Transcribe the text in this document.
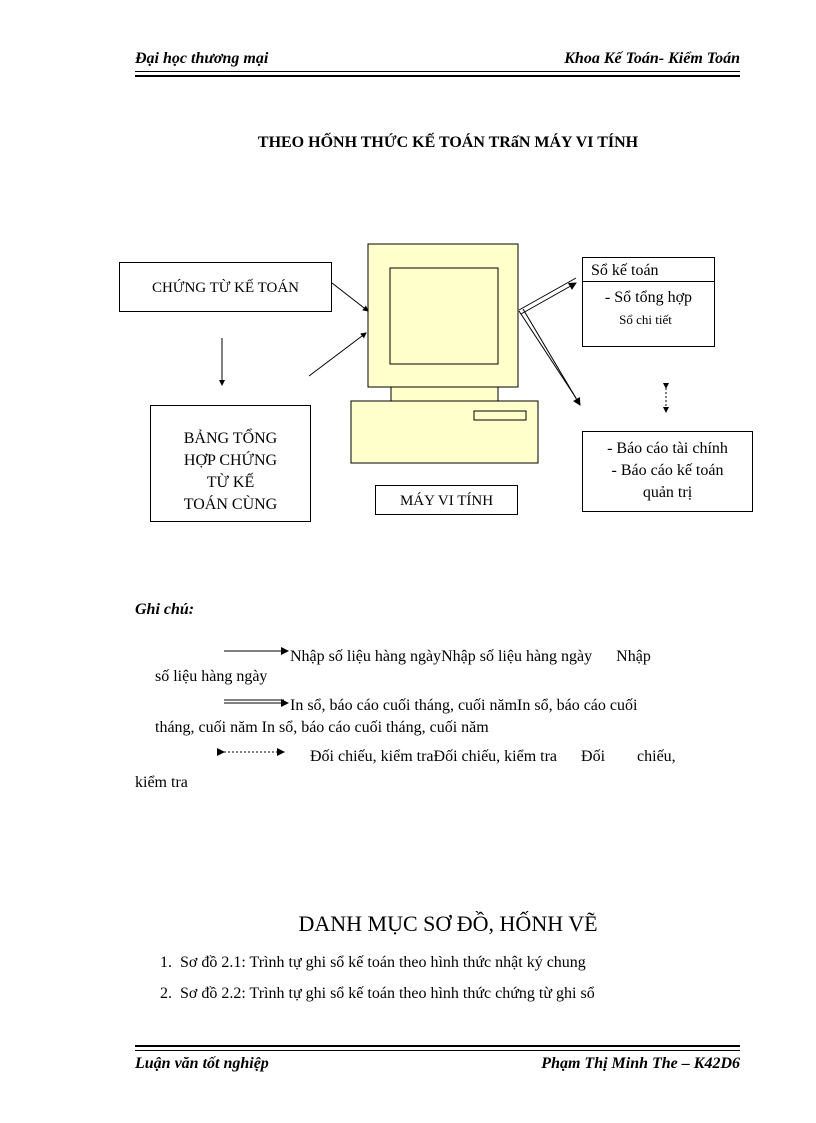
Đại học thương mại	Khoa Kế Toán- Kiểm Toán
THEO HỐNH THỨC KẾ TOÁN TRấN MÁY VI TÍNH
CHỨNG TỪ KẾ TOÁN
BẢNG TỔNG
HỢP CHỨNG
TỪ KẾ
TOÁN CÙNG	MÁY VI TÍNH
Sổ kế toán
- Sổ tổng hợp
Sổ chi tiết
- Báo cáo tài chính
- Báo cáo kế toán
quản trị
Ghi chú:
Nhập số liệu hàng ngàyNhập số liệu hàng ngày      Nhập
số liệu hàng ngày
In sổ, báo cáo cuối tháng, cuối nămIn sổ, báo cáo cuối
tháng, cuối năm In sổ, báo cáo cuối tháng, cuối năm
Đối chiếu, kiểm traĐối chiếu, kiểm tra      Đối        chiếu,
kiểm tra
DANH MỤC SƠ ĐỒ, HỐNH VẼ
1.  Sơ đồ 2.1: Trình tự ghi sổ kế toán theo hình thức nhật ký chung
2.  Sơ đồ 2.2: Trình tự ghi sổ kế toán theo hình thức chứng từ ghi sổ
Luận văn tốt nghiệp	Phạm Thị Minh The – K42D6
